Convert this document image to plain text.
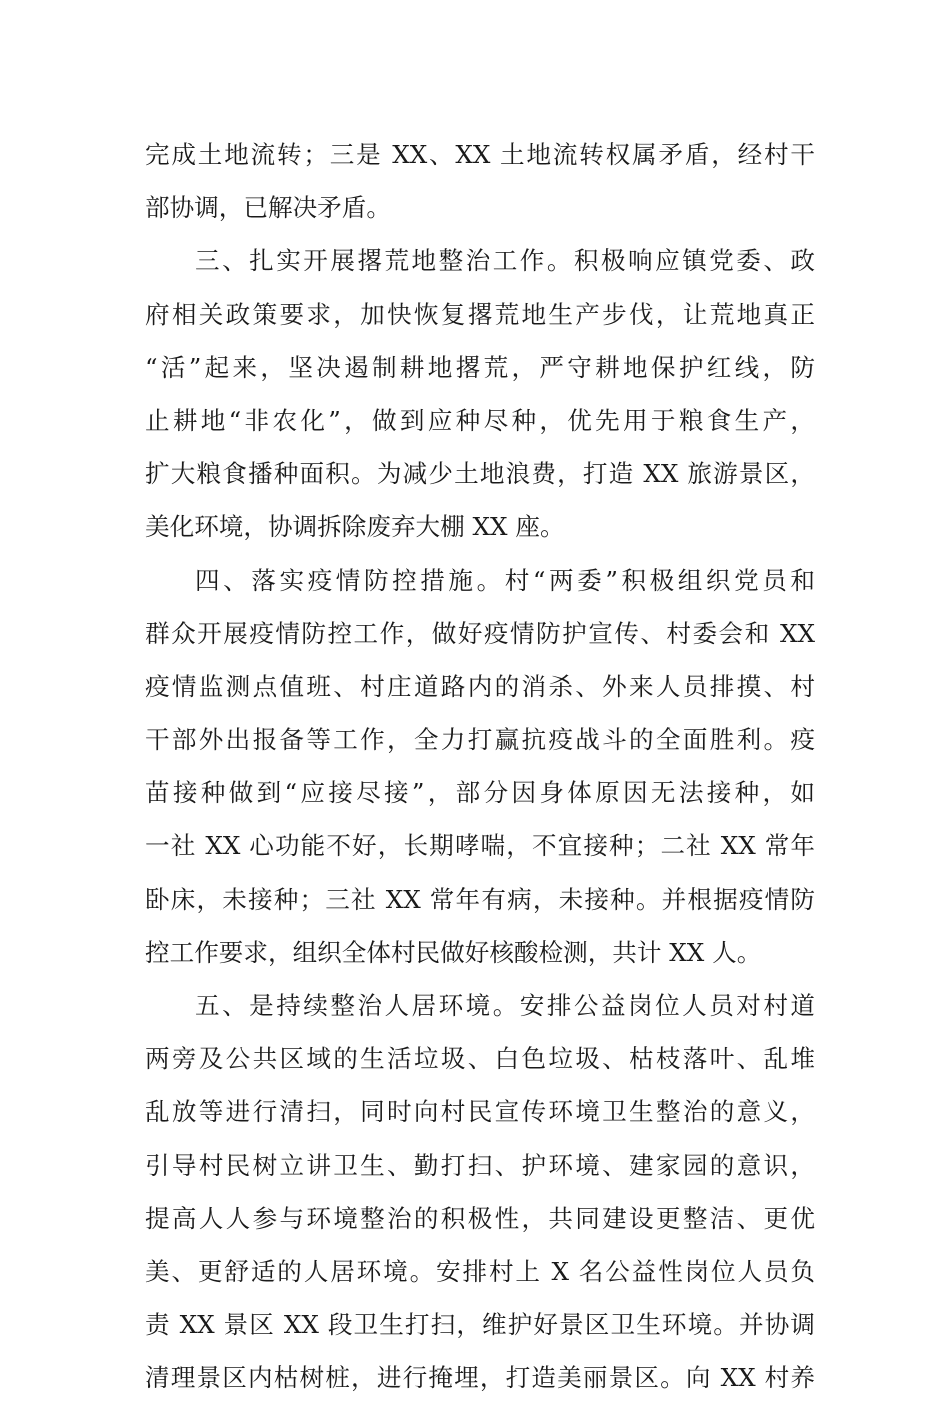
完成土地流转；三是 XX、XX 土地流转权属矛盾，经村干
部协调，已解决矛盾。
三、扎实开展撂荒地整治工作。积极响应镇党委、政
府相关政策要求，加快恢复撂荒地生产步伐，让荒地真正
“活”起来，坚决遏制耕地撂荒，严守耕地保护红线，防
止耕地“非农化”，做到应种尽种，优先用于粮食生产，
扩大粮食播种面积。为减少土地浪费，打造 XX 旅游景区，
美化环境，协调拆除废弃大棚 XX 座。
四、落实疫情防控措施。村“两委”积极组织党员和
群众开展疫情防控工作，做好疫情防护宣传、村委会和 XX
疫情监测点值班、村庄道路内的消杀、外来人员排摸、村
干部外出报备等工作，全力打赢抗疫战斗的全面胜利。疫
苗接种做到“应接尽接”，部分因身体原因无法接种，如
一社 XX 心功能不好，长期哮喘，不宜接种；二社 XX 常年
卧床，未接种；三社 XX 常年有病，未接种。并根据疫情防
控工作要求，组织全体村民做好核酸检测，共计 XX 人。
五、是持续整治人居环境。安排公益岗位人员对村道
两旁及公共区域的生活垃圾、白色垃圾、枯枝落叶、乱堆
乱放等进行清扫，同时向村民宣传环境卫生整治的意义，
引导村民树立讲卫生、勤打扫、护环境、建家园的意识，
提高人人参与环境整治的积极性，共同建设更整洁、更优
美、更舒适的人居环境。安排村上 X 名公益性岗位人员负
责 XX 景区 XX 段卫生打扫，维护好景区卫生环境。并协调
清理景区内枯树桩，进行掩埋，打造美丽景区。向 XX 村养
